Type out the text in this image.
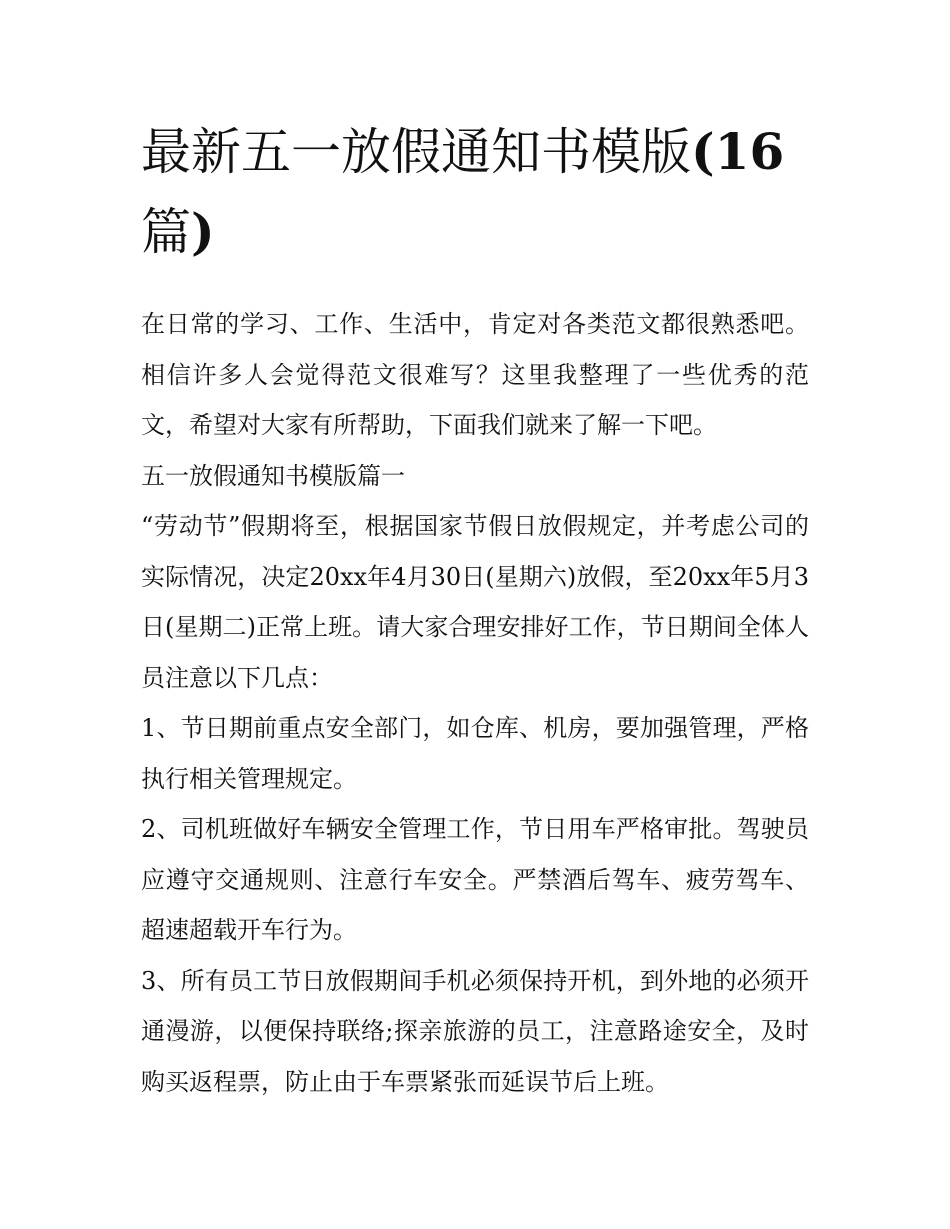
最新五一放假通知书模版(16
篇)

在日常的学习、工作、生活中，肯定对各类范文都很熟悉吧。相信许多人会觉得范文很难写？这里我整理了一些优秀的范文，希望对大家有所帮助，下面我们就来了解一下吧。

五一放假通知书模版篇一

“劳动节”假期将至，根据国家节假日放假规定，并考虑公司的实际情况，决定20xx年4月30日(星期六)放假，至20xx年5月3日(星期二)正常上班。请大家合理安排好工作，节日期间全体人员注意以下几点：

1、节日期前重点安全部门，如仓库、机房，要加强管理，严格执行相关管理规定。

2、司机班做好车辆安全管理工作，节日用车严格审批。驾驶员应遵守交通规则、注意行车安全。严禁酒后驾车、疲劳驾车、超速超载开车行为。

3、所有员工节日放假期间手机必须保持开机，到外地的必须开通漫游，以便保持联络;探亲旅游的员工，注意路途安全，及时购买返程票，防止由于车票紧张而延误节后上班。
